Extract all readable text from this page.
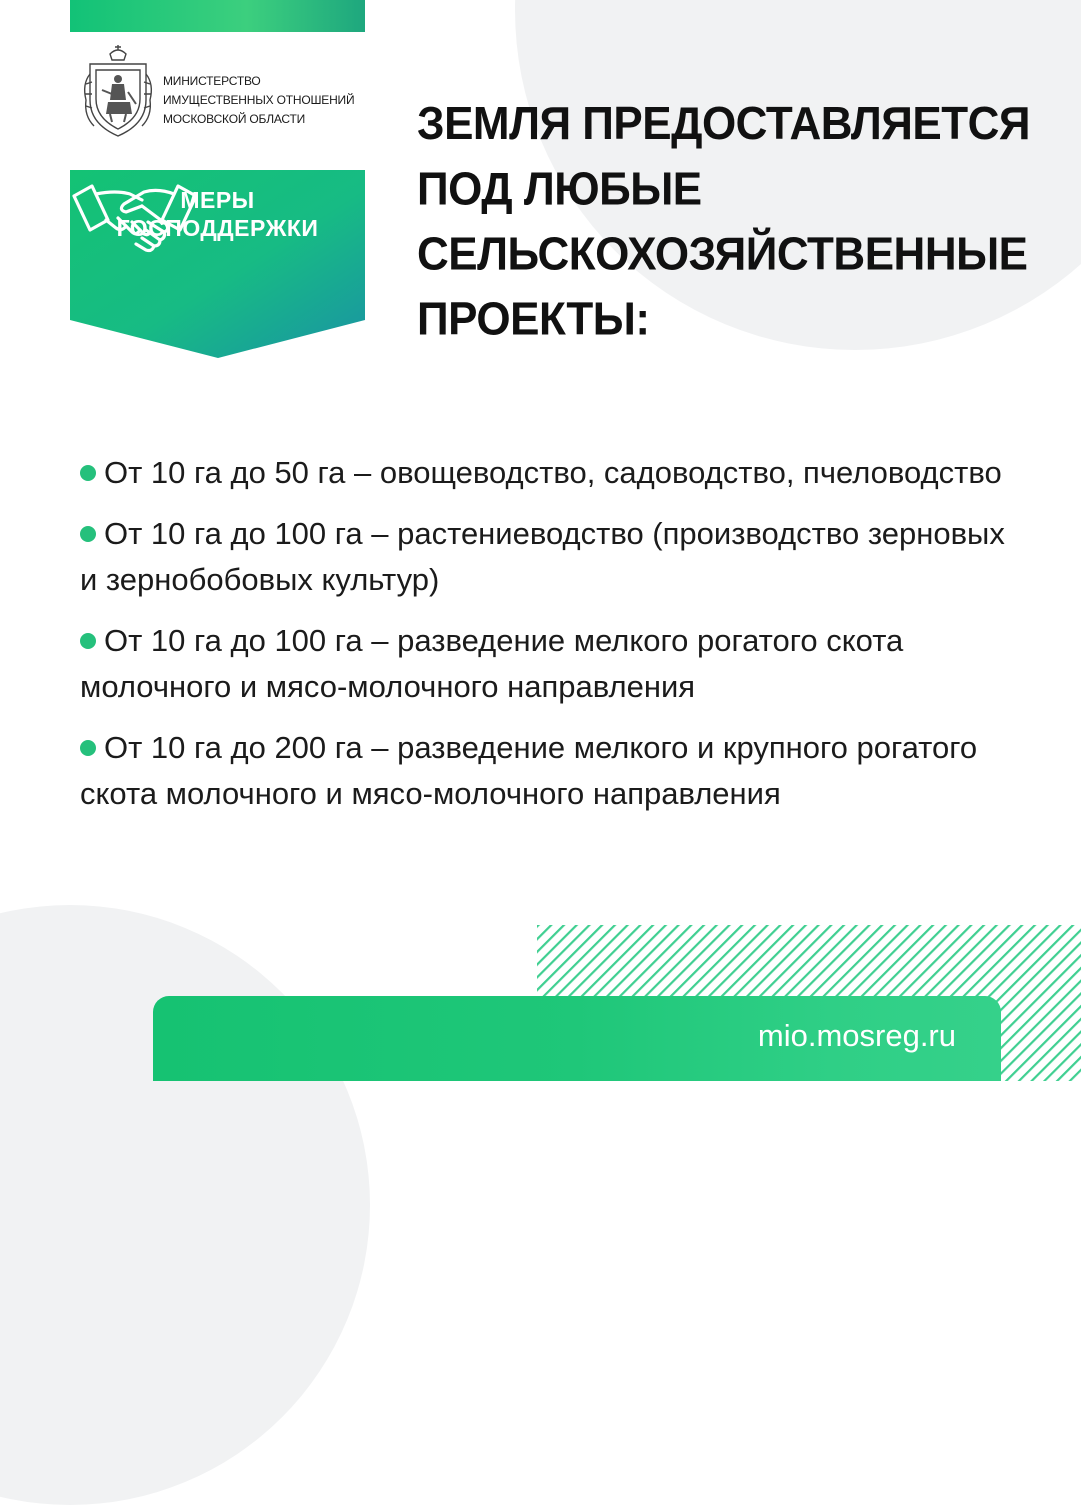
МИНИСТЕРСТВО
ИМУЩЕСТВЕННЫХ ОТНОШЕНИЙ
МОСКОВСКОЙ ОБЛАСТИ
МЕРЫ
ГОСПОДДЕРЖКИ
ЗЕМЛЯ ПРЕДОСТАВЛЯЕТСЯ
ПОД ЛЮБЫЕ
СЕЛЬСКОХОЗЯЙСТВЕННЫЕ
ПРОЕКТЫ:
От 10 га до 50 га – овощеводство, садоводство, пчеловодство
От 10 га до 100 га – растениеводство (производство зерновых
и зернобобовых культур)
От 10 га до 100 га – разведение мелкого рогатого скота
молочного и мясо-молочного направления
От 10 га до 200 га – разведение мелкого и крупного рогатого
скота молочного и мясо-молочного направления
mio.mosreg.ru
